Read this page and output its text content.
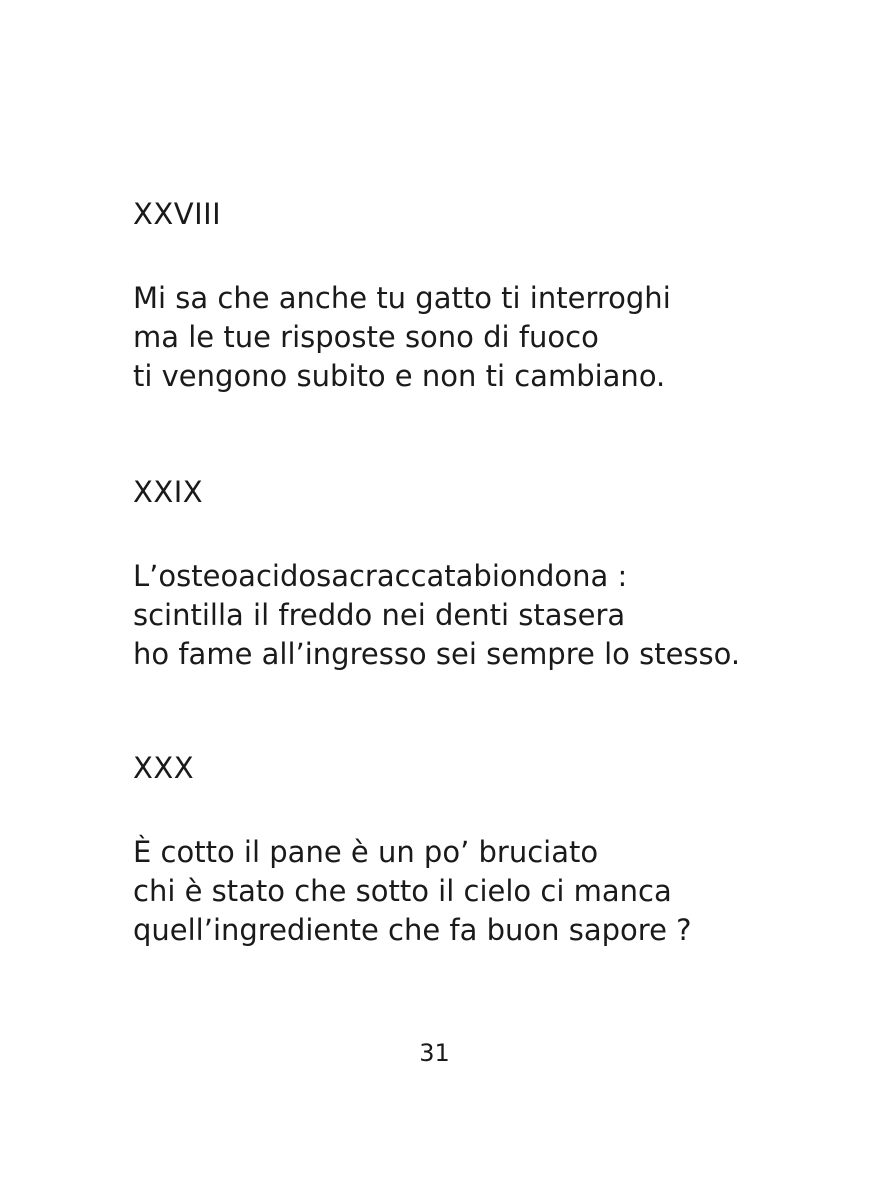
XXVIII
Mi sa che anche tu gatto ti interroghi
ma le tue risposte sono di fuoco
ti vengono subito e non ti cambiano.
XXIX
L’osteoacidosacraccatabiondona :
scintilla il freddo nei denti stasera
ho fame all’ingresso sei sempre lo stesso.
XXX
È cotto il pane è un po’ bruciato
chi è stato che sotto il cielo ci manca
quell’ingrediente che fa buon sapore ?
31
